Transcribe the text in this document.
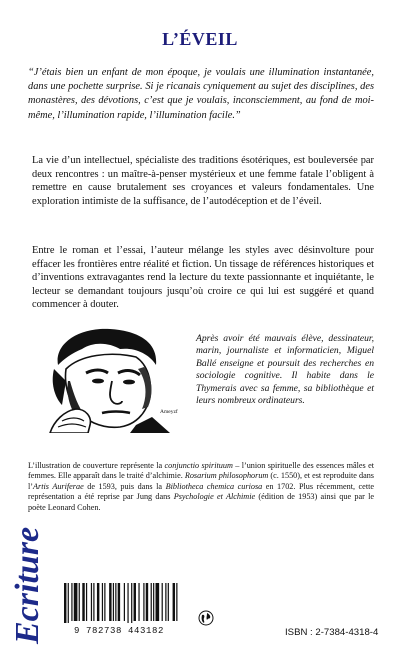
L’ÉVEIL

“J’étais bien un enfant de mon époque, je voulais une illumination instantanée, dans une pochette surprise. Si je ricanais cyniquement au sujet des disciplines, des monastères, des dévotions, c’est que je voulais, inconsciemment, au fond de moi-même, l’illumination rapide, l’illumination facile.”

La vie d’un intellectuel, spécialiste des traditions ésotériques, est bouleversée par deux rencontres : un maître-à-penser mystérieux et une femme fatale l’obligent à remettre en cause brutalement ses croyances et valeurs fondamentales. Une exploration intimiste de la suffisance, de l’autodéception et de l’éveil.

Entre le roman et l’essai, l’auteur mélange les styles avec désinvolture pour effacer les frontières entre réalité et fiction. Un tissage de références historiques et d’inventions extravagantes rend la lecture du texte passionnante et inquiétante, le lecteur se demandant toujours jusqu’où croire ce qui lui est suggéré et quand commencer à douter.

Ameyzf

Après avoir été mauvais élève, dessinateur, marin, journaliste et informaticien, Miguel Ballé enseigne et poursuit des recherches en sociologie cognitive. Il habite dans le Thymerais avec sa femme, sa bibliothèque et leurs nombreux ordinateurs.

L’illustration de couverture représente la conjunctio spirituum – l’union spirituelle des essences mâles et femmes. Elle apparaît dans le traité d’alchimie. Rosarium philosophorum (c. 1550), et est reproduite dans l’Artis Auriferae de 1593, puis dans la Bibliotheca chemica curiosa en 1702. Plus récemment, cette représentation a été reprise par Jung dans Psychologie et Alchimie (édition de 1953) ainsi que par le poète Leonard Cohen.

Ecriture	9 782738 443182	ISBN : 2-7384-4318-4
